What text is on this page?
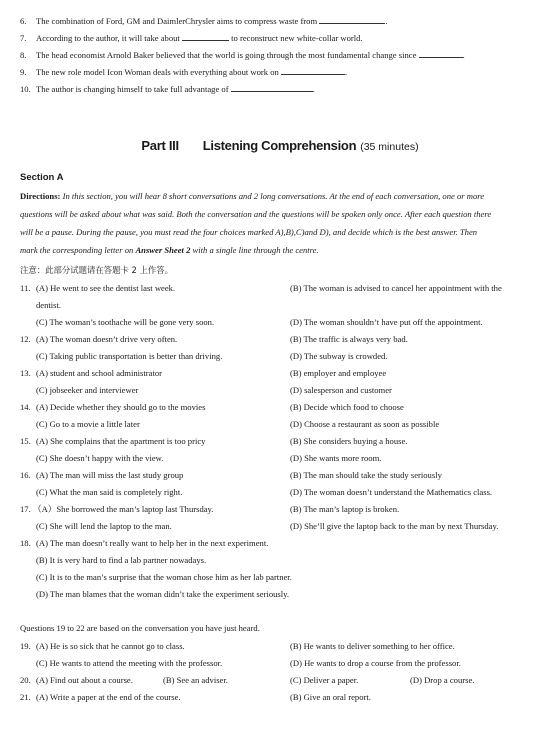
6. The combination of Ford, GM and DaimlerChrysler aims to compress waste from	.
7. According to the author, it will take about	to reconstruct new white-collar world.
8. The head economist Arnold Baker believed that the world is going through the most fundamental change since	.
9. The new role model Icon Woman deals with everything about work on	.
10. The author is changing himself to take full advantage of	.
Part III Listening Comprehension (35 minutes)
Section A
Directions: In this section, you will hear 8 short conversations and 2 long conversations. At the end of each conversation, one or more
questions will be asked about what was said. Both the conversation and the questions will be spoken only once. After each question there
will be a pause. During the pause, you must read the four choices marked A),B),C)and D), and decide which is the best answer. Then
mark the corresponding letter on Answer Sheet 2 with a single line through the centre.
注意：此部分试题请在答题卡 2 上作答。
11. (A) He went to see the dentist last week.	(B) The woman is advised to cancel her appointment with the
dentist.
(C) The woman’s toothache will be gone very soon.	(D) The woman shouldn’t have put off the appointment.
12. (A) The woman doesn’t drive very often.	(B) The traffic is always very bad.
(C) Taking public transportation is better than driving.	(D) The subway is crowded.
13. (A) student and school administrator	(B) employer and employee
(C) jobseeker and interviewer	(D) salesperson and customer
14. (A) Decide whether they should go to the movies	(B) Decide which food to choose
(C) Go to a movie a little later	(D) Choose a restaurant as soon as possible
15. (A) She complains that the apartment is too pricy	(B) She considers buying a house.
(C) She doesn’t happy with the view.	(D) She wants more room.
16. (A) The man will miss the last study group	(B) The man should take the study seriously
(C) What the man said is completely right.	(D) The woman doesn’t understand the Mathematics class.
17. （A）She borrowed the man’s laptop last Thursday.	(B) The man’s laptop is broken.
(C) She will lend the laptop to the man.	(D) She’ll give the laptop back to the man by next Thursday.
18. (A) The man doesn’t really want to help her in the next experiment.
(B) It is very hard to find a lab partner nowadays.
(C) It is to the man’s surprise that the woman chose him as her lab partner.
(D) The man blames that the woman didn’t take the experiment seriously.
Questions 19 to 22 are based on the conversation you have just heard.
19. (A) He is so sick that he cannot go to class.	(B) He wants to deliver something to her office.
(C) He wants to attend the meeting with the professor.	(D) He wants to drop a course from the professor.
20. (A) Find out about a course.	(B) See an adviser.	(C) Deliver a paper.	(D) Drop a course.
21. (A) Write a paper at the end of the course.	(B) Give an oral report.
